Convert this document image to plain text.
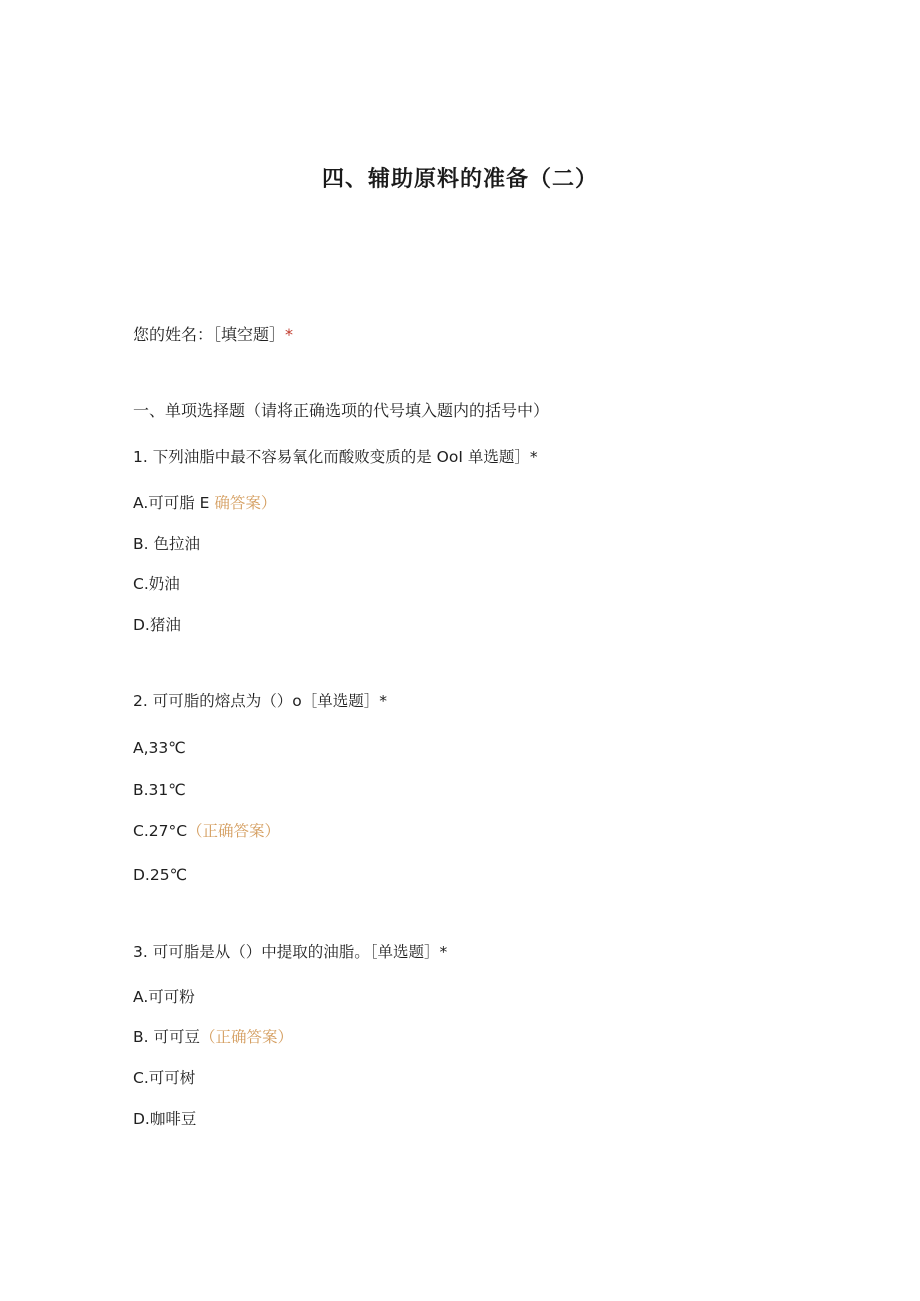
四、辅助原料的准备（二）
您的姓名：［填空题］*
一、单项选择题（请将正确选项的代号填入题内的括号中）
1. 下列油脂中最不容易氧化而酸败变质的是 OoI 单选题］*
A.可可脂 E 确答案）
B. 色拉油
C.奶油
D.猪油
2. 可可脂的熔点为（）o［单选题］*
A,33℃
B.31℃
C.27°C（正确答案）
D.25℃
3. 可可脂是从（）中提取的油脂。［单选题］*
A.可可粉
B. 可可豆（正确答案）
C.可可树
D.咖啡豆
